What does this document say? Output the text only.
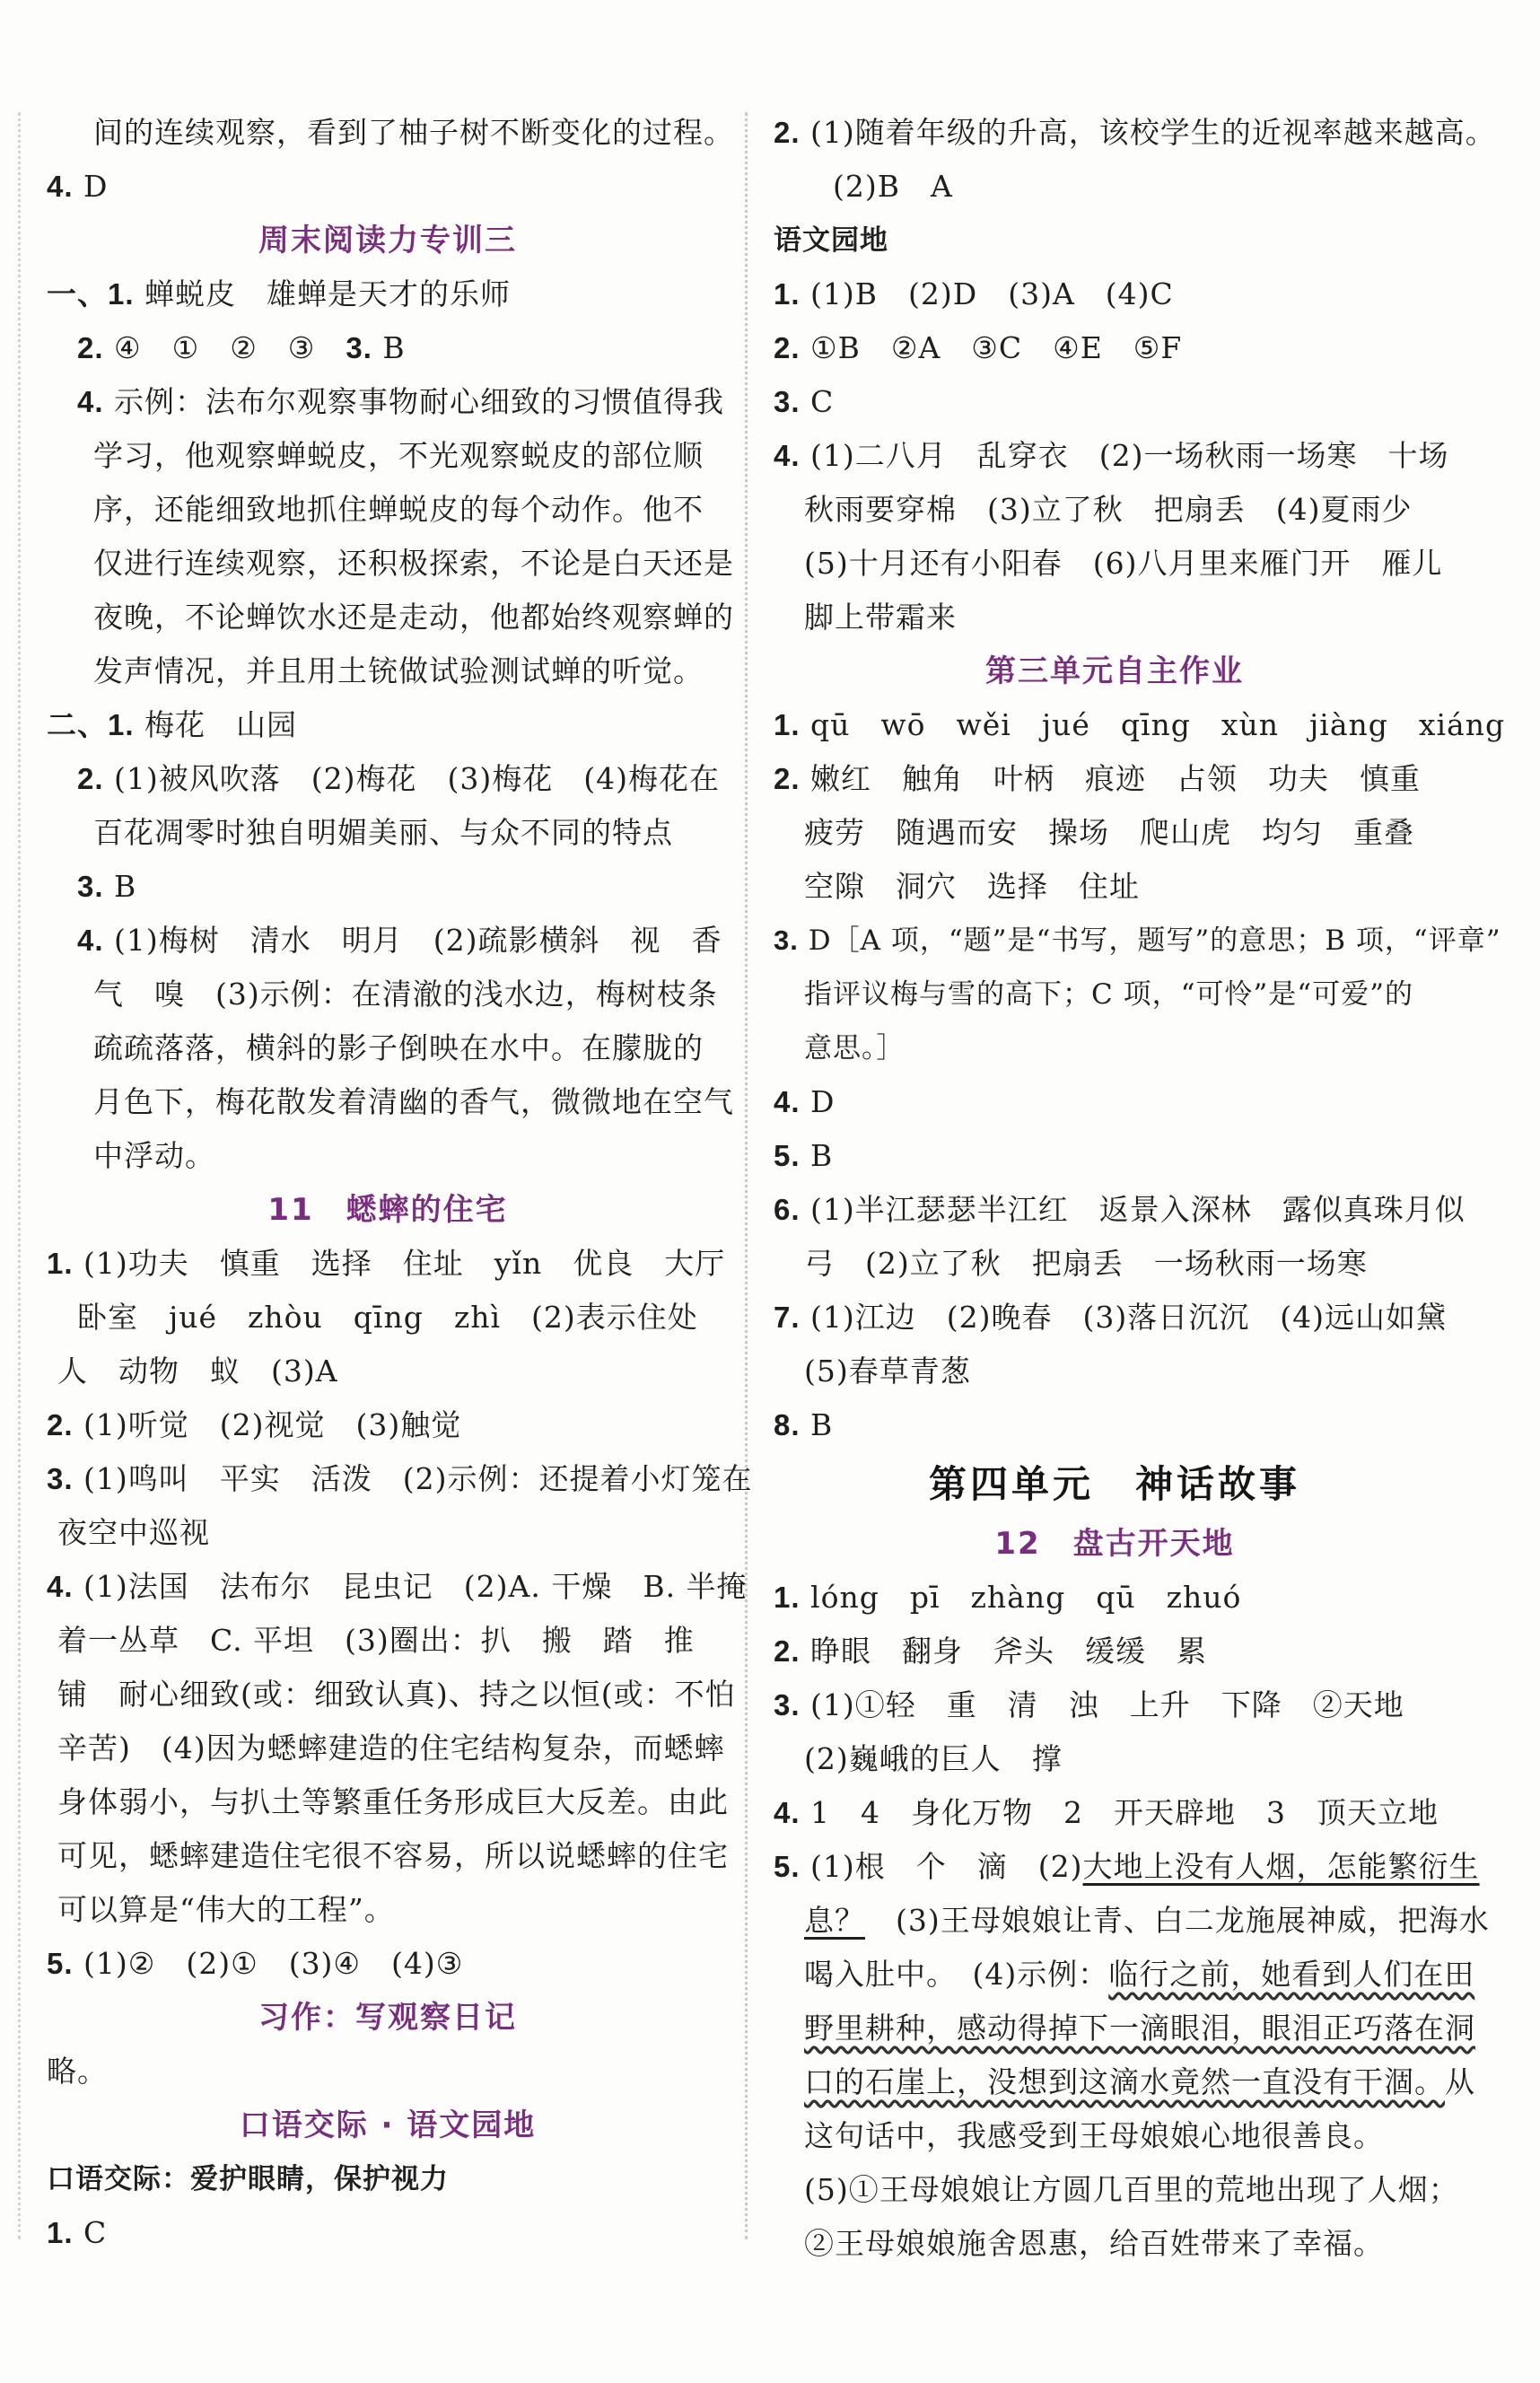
间的连续观察，看到了柚子树不断变化的过程。
4. D
周末阅读力专训三
一、1. 蝉蜕皮　雄蝉是天才的乐师
2. ④　①　②　③　 3. B
4. 示例：法布尔观察事物耐心细致的习惯值得我
学习，他观察蝉蜕皮，不光观察蜕皮的部位顺
序，还能细致地抓住蝉蜕皮的每个动作。他不
仅进行连续观察，还积极探索，不论是白天还是
夜晚，不论蝉饮水还是走动，他都始终观察蝉的
发声情况，并且用土铳做试验测试蝉的听觉。
二、1. 梅花　山园
2. (1)被风吹落　(2)梅花　(3)梅花　(4)梅花在
百花凋零时独自明媚美丽、与众不同的特点
3. B
4. (1)梅树　清水　明月　(2)疏影横斜　视　香
气　嗅　(3)示例：在清澈的浅水边，梅树枝条
疏疏落落，横斜的影子倒映在水中。在朦胧的
月色下，梅花散发着清幽的香气，微微地在空气
中浮动。
11　蟋蟀的住宅
1. (1)功夫　慎重　选择　住址　yǐn　优良　大厅
卧室　jué　zhòu　qīng　zhì　(2)表示住处
人　动物　蚁　(3)A
2. (1)听觉　(2)视觉　(3)触觉
3. (1)鸣叫　平实　活泼　(2)示例：还提着小灯笼在
夜空中巡视
4. (1)法国　法布尔　昆虫记　(2)A. 干燥　B. 半掩
着一丛草　C. 平坦　(3)圈出：扒　搬　踏　推
铺　耐心细致(或：细致认真)、持之以恒(或：不怕
辛苦)　(4)因为蟋蟀建造的住宅结构复杂，而蟋蟀
身体弱小，与扒土等繁重任务形成巨大反差。由此
可见，蟋蟀建造住宅很不容易，所以说蟋蟀的住宅
可以算是“伟大的工程”。
5. (1)②　(2)①　(3)④　(4)③
习作：写观察日记
略。
口语交际 · 语文园地
口语交际：爱护眼睛，保护视力
1. C
2. (1)随着年级的升高，该校学生的近视率越来越高。
(2)B　A
语文园地
1. (1)B　(2)D　(3)A　(4)C
2. ①B　②A　③C　④E　⑤F
3. C
4. (1)二八月　乱穿衣　(2)一场秋雨一场寒　十场
秋雨要穿棉　(3)立了秋　把扇丢　(4)夏雨少
(5)十月还有小阳春　(6)八月里来雁门开　雁儿
脚上带霜来
第三单元自主作业
1. qū　wō　wěi　jué　qīng　xùn　jiàng　xiáng
2. 嫩红　触角　叶柄　痕迹　占领　功夫　慎重
疲劳　随遇而安　操场　爬山虎　均匀　重叠
空隙　洞穴　选择　住址
3. D［A 项，“题”是“书写，题写”的意思；B 项，“评章”
指评议梅与雪的高下；C 项，“可怜”是“可爱”的
意思。］
4. D
5. B
6. (1)半江瑟瑟半江红　返景入深林　露似真珠月似
弓　(2)立了秋　把扇丢　一场秋雨一场寒
7. (1)江边　(2)晚春　(3)落日沉沉　(4)远山如黛
(5)春草青葱
8. B
第四单元　神话故事
12　盘古开天地
1. lóng　pī　zhàng　qū　zhuó
2. 睁眼　翻身　斧头　缓缓　累
3. (1)①轻　重　清　浊　上升　下降　②天地
(2)巍峨的巨人　撑
4. 1　4　身化万物　2　开天辟地　3　顶天立地
5. (1)根　个　滴　(2)大地上没有人烟，怎能繁衍生
息？　(3)王母娘娘让青、白二龙施展神威，把海水
喝入肚中。　(4)示例：临行之前，她看到人们在田
野里耕种，感动得掉下一滴眼泪，眼泪正巧落在洞
口的石崖上，没想到这滴水竟然一直没有干涸。从
这句话中，我感受到王母娘娘心地很善良。
(5)①王母娘娘让方圆几百里的荒地出现了人烟；
②王母娘娘施舍恩惠，给百姓带来了幸福。
